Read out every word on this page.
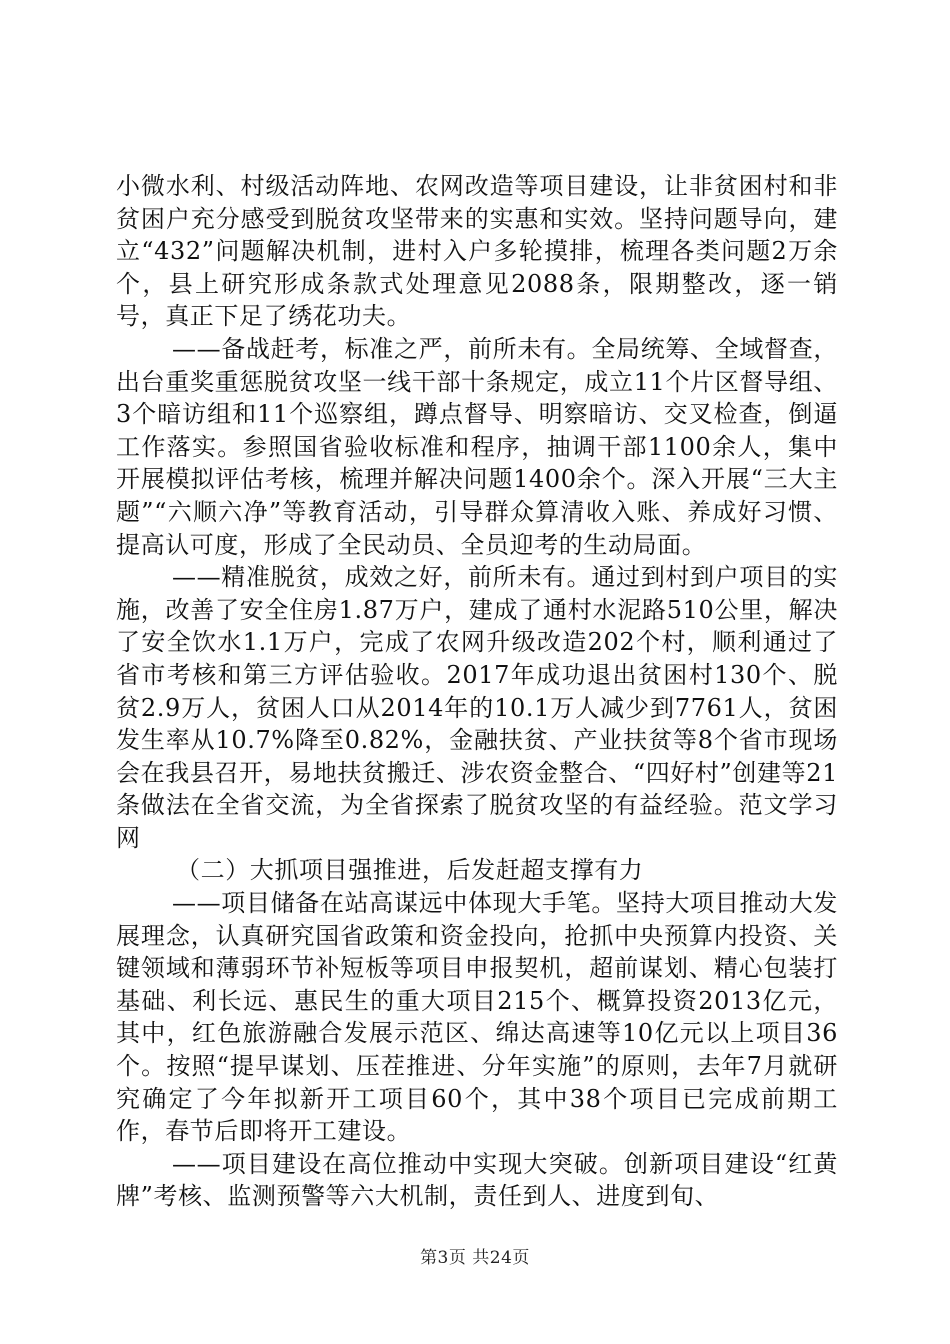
小微水利、村级活动阵地、农网改造等项目建设，让非贫困村和非贫困户充分感受到脱贫攻坚带来的实惠和实效。坚持问题导向，建立“432”问题解决机制，进村入户多轮摸排，梳理各类问题2万余个，县上研究形成条款式处理意见2088条，限期整改，逐一销号，真正下足了绣花功夫。

——备战赶考，标准之严，前所未有。全局统筹、全域督查，出台重奖重惩脱贫攻坚一线干部十条规定，成立11个片区督导组、3个暗访组和11个巡察组，蹲点督导、明察暗访、交叉检查，倒逼工作落实。参照国省验收标准和程序，抽调干部1100余人，集中开展模拟评估考核，梳理并解决问题1400余个。深入开展“三大主题”“六顺六净”等教育活动，引导群众算清收入账、养成好习惯、提高认可度，形成了全民动员、全员迎考的生动局面。

——精准脱贫，成效之好，前所未有。通过到村到户项目的实施，改善了安全住房1.87万户，建成了通村水泥路510公里，解决了安全饮水1.1万户，完成了农网升级改造202个村，顺利通过了省市考核和第三方评估验收。2017年成功退出贫困村130个、脱贫2.9万人，贫困人口从2014年的10.1万人减少到7761人，贫困发生率从10.7%降至0.82%，金融扶贫、产业扶贫等8个省市现场会在我县召开，易地扶贫搬迁、涉农资金整合、“四好村”创建等21条做法在全省交流，为全省探索了脱贫攻坚的有益经验。范文学习网

（二）大抓项目强推进，后发赶超支撑有力

——项目储备在站高谋远中体现大手笔。坚持大项目推动大发展理念，认真研究国省政策和资金投向，抢抓中央预算内投资、关键领域和薄弱环节补短板等项目申报契机，超前谋划、精心包装打基础、利长远、惠民生的重大项目215个、概算投资2013亿元，其中，红色旅游融合发展示范区、绵达高速等10亿元以上项目36个。按照“提早谋划、压茬推进、分年实施”的原则，去年7月就研究确定了今年拟新开工项目60个，其中38个项目已完成前期工作，春节后即将开工建设。

——项目建设在高位推动中实现大突破。创新项目建设“红黄牌”考核、监测预警等六大机制，责任到人、进度到旬、

第3页 共24页
